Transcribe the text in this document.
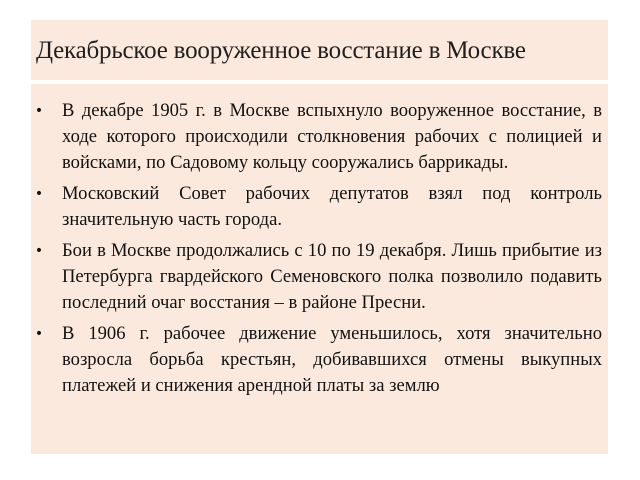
Декабрьское вооруженное восстание в Москве
• В декабре 1905 г. в Москве вспыхнуло вооруженное восстание, в ходе которого происходили столкновения рабочих с полицией и войсками, по Садовому кольцу сооружались баррикады.
• Московский Совет рабочих депутатов взял под контроль значительную часть города.
• Бои в Москве продолжались с 10 по 19 декабря. Лишь прибытие из Петербурга гвардейского Семеновского полка позволило подавить последний очаг восстания – в районе Пресни.
• В 1906 г. рабочее движение уменьшилось, хотя значительно возросла борьба крестьян, добивавшихся отмены выкупных платежей и снижения арендной платы за землю
